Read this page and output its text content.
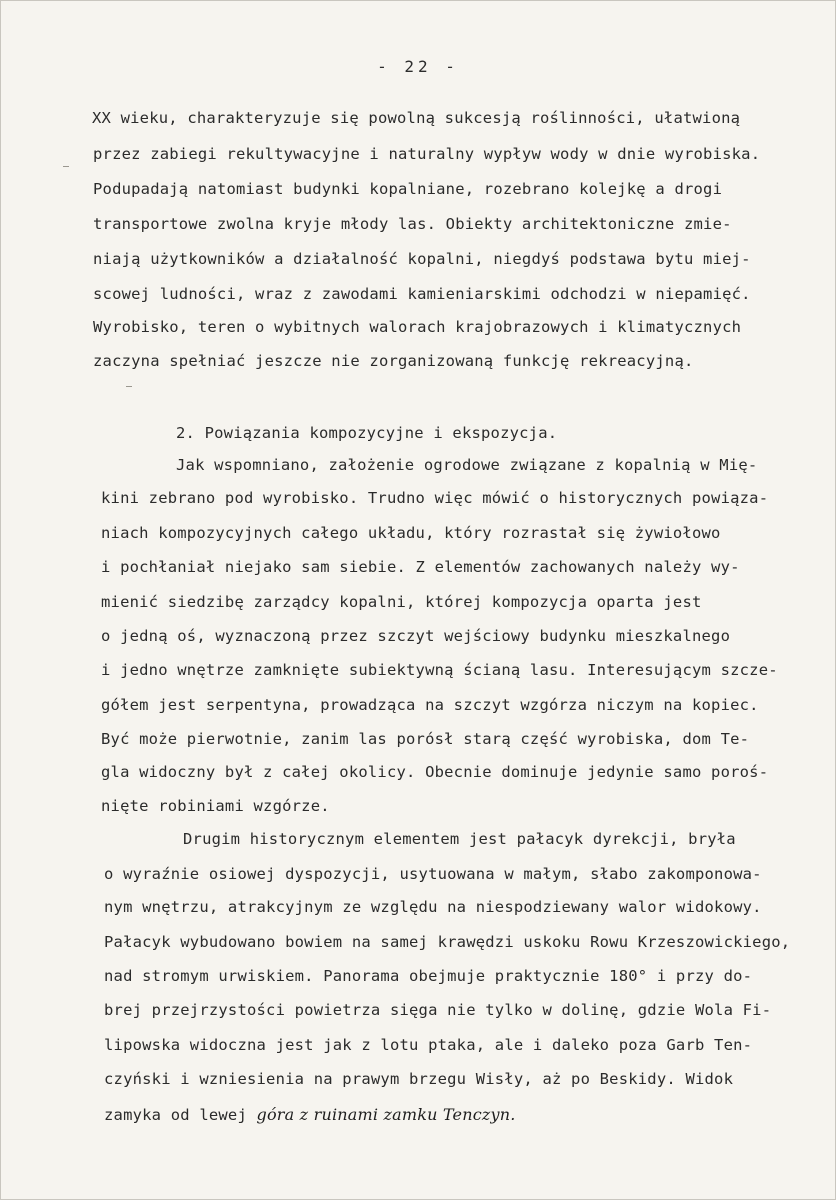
- 22 -
XX wieku, charakteryzuje się powolną sukcesją roślinności, ułatwioną
przez zabiegi rekultywacyjne i naturalny wypływ wody w dnie wyrobiska.
Podupadają natomiast budynki kopalniane, rozebrano kolejkę a drogi
transportowe zwolna kryje młody las. Obiekty architektoniczne zmie-
niają użytkowników a działalność kopalni, niegdyś podstawa bytu miej-
scowej ludności, wraz z zawodami kamieniarskimi odchodzi w niepamięć.
Wyrobisko, teren o wybitnych walorach krajobrazowych i klimatycznych
zaczyna spełniać jeszcze nie zorganizowaną funkcję rekreacyjną.
2. Powiązania kompozycyjne i ekspozycja.
Jak wspomniano, założenie ogrodowe związane z kopalnią w Mię-
kini zebrano pod wyrobisko. Trudno więc mówić o historycznych powiąza-
niach kompozycyjnych całego układu, który rozrastał się żywiołowo
i pochłaniał niejako sam siebie. Z elementów zachowanych należy wy-
mienić siedzibę zarządcy kopalni, której kompozycja oparta jest
o jedną oś, wyznaczoną przez szczyt wejściowy budynku mieszkalnego
i jedno wnętrze zamknięte subiektywną ścianą lasu. Interesującym szcze-
gółem jest serpentyna, prowadząca na szczyt wzgórza niczym na kopiec.
Być może pierwotnie, zanim las porósł starą część wyrobiska, dom Te-
gla widoczny był z całej okolicy. Obecnie dominuje jedynie samo poroś-
nięte robiniami wzgórze.
Drugim historycznym elementem jest pałacyk dyrekcji, bryła
o wyraźnie osiowej dyspozycji, usytuowana w małym, słabo zakomponowa-
nym wnętrzu, atrakcyjnym ze względu na niespodziewany walor widokowy.
Pałacyk wybudowano bowiem na samej krawędzi uskoku Rowu Krzeszowickiego,
nad stromym urwiskiem. Panorama obejmuje praktycznie 180° i przy do-
brej przejrzystości powietrza sięga nie tylko w dolinę, gdzie Wola Fi-
lipowska widoczna jest jak z lotu ptaka, ale i daleko poza Garb Ten-
czyński i wzniesienia na prawym brzegu Wisły, aż po Beskidy. Widok
zamyka od lewej góra z ruinami zamku Tenczyn.
